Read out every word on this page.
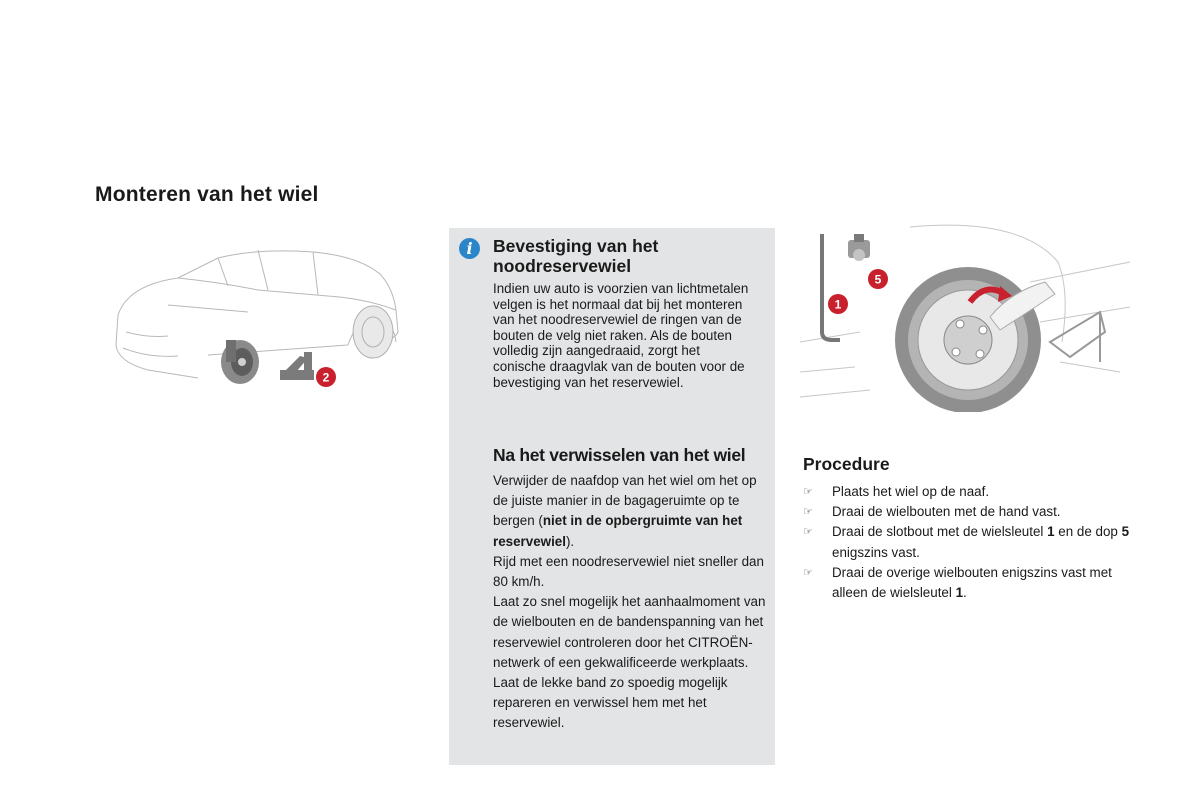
Monteren van het wiel
2
i	Bevestiging van het noodreservewiel
Indien uw auto is voorzien van lichtmetalen velgen is het normaal dat bij het monteren van het noodreservewiel de ringen van de bouten de velg niet raken. Als de bouten volledig zijn aangedraaid, zorgt het conische draagvlak van de bouten voor de bevestiging van het reservewiel.
Na het verwisselen van het wiel
Verwijder de naafdop van het wiel om het op de juiste manier in de bagageruimte op te bergen (niet in de opbergruimte van het reservewiel).
Rijd met een noodreservewiel niet sneller dan 80 km/h.
Laat zo snel mogelijk het aanhaalmoment van de wielbouten en de bandenspanning van het reservewiel controleren door het CITROËN-netwerk of een gekwalificeerde werkplaats.
Laat de lekke band zo spoedig mogelijk repareren en verwissel hem met het reservewiel.
1
5
Procedure
☞	Plaats het wiel op de naaf.
☞	Draai de wielbouten met de hand vast.
☞	Draai de slotbout met de wielsleutel 1 en de dop 5 enigszins vast.
☞	Draai de overige wielbouten enigszins vast met alleen de wielsleutel 1.
